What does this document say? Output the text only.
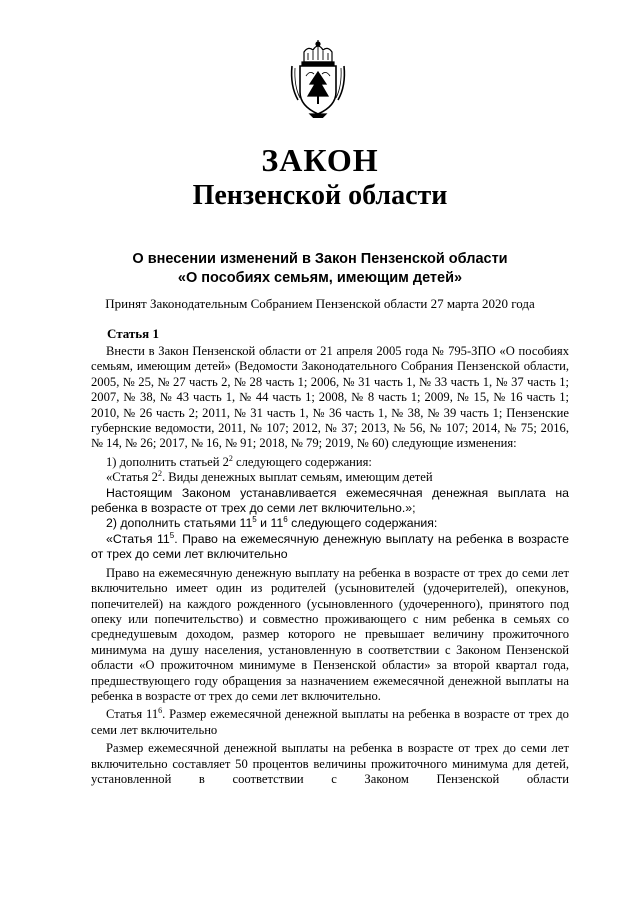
ЗАКОН
Пензенской области
О внесении изменений в Закон Пензенской области
«О пособиях семьям, имеющим детей»
Принят Законодательным Собранием Пензенской области 27 марта 2020 года
Статья 1

Внести в Закон Пензенской области от 21 апреля 2005 года № 795-ЗПО «О пособиях семьям, имеющим детей» (Ведомости Законодательного Собрания Пензенской области, 2005, № 25, № 27 часть 2, № 28 часть 1; 2006, № 31 часть 1, № 33 часть 1, № 37 часть 1; 2007, № 38, № 43 часть 1, № 44 часть 1; 2008, № 8 часть 1; 2009, № 15, № 16 часть 1; 2010, № 26 часть 2; 2011, № 31 часть 1, № 36 часть 1, № 38, № 39 часть 1; Пензенские губернские ведомости, 2011, № 107; 2012, № 37; 2013, № 56, № 107; 2014, № 75; 2016, № 14, № 26; 2017, № 16, № 91; 2018, № 79; 2019, № 60) следующие изменения:

1) дополнить статьей $2^2$ следующего содержания:

«Статья $2^2$. Виды денежных выплат семьям, имеющим детей

Настоящим Законом устанавливается ежемесячная денежная выплата на ребенка в возрасте от трех до семи лет включительно.»;

2) дополнить статьями $11^5$ и $11^6$ следующего содержания:

«Статья $11^5$. Право на ежемесячную денежную выплату на ребенка в возрасте от трех до семи лет включительно

Право на ежемесячную денежную выплату на ребенка в возрасте от трех до семи лет включительно имеет один из родителей (усыновителей (удочерителей), опекунов, попечителей) на каждого рожденного (усыновленного (удочеренного), принятого под опеку или попечительство) и совместно проживающего с ним ребенка в семьях со среднедушевым доходом, размер которого не превышает величину прожиточного минимума на душу населения, установленную в соответствии с Законом Пензенской области «О прожиточном минимуме в Пензенской области» за второй квартал года, предшествующего году обращения за назначением ежемесячной денежной выплаты на ребенка в возрасте от трех до семи лет включительно.

Статья $11^6$. Размер ежемесячной денежной выплаты на ребенка в возрасте от трех до семи лет включительно

Размер ежемесячной денежной выплаты на ребенка в возрасте от трех до семи лет включительно составляет 50 процентов величины прожиточного минимума для детей, установленной в соответствии с Законом Пензенской области
